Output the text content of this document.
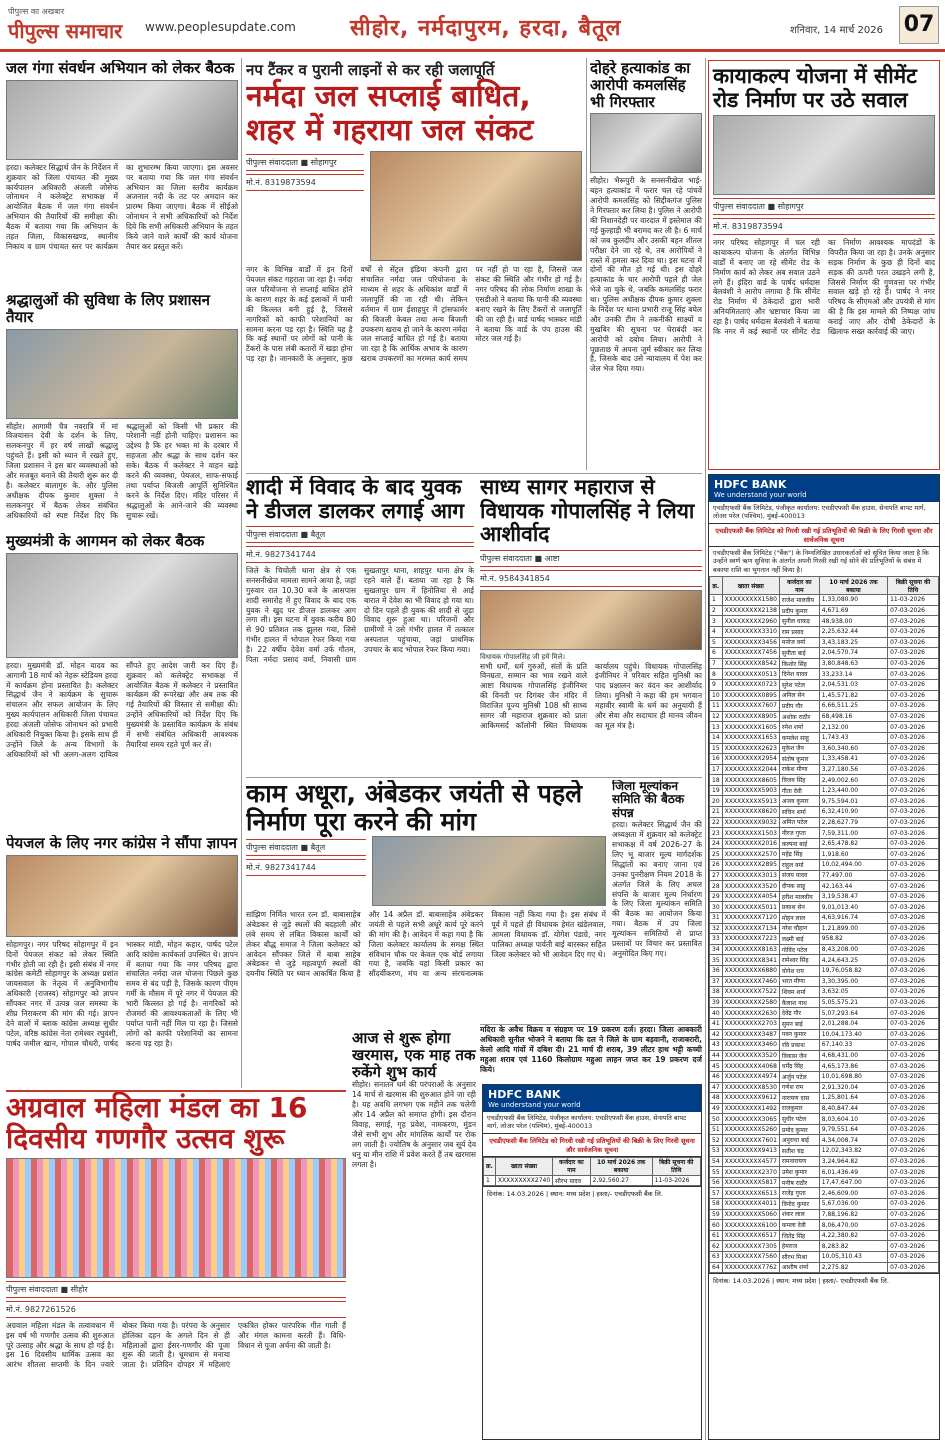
पीपुल्स का अखबार
पीपुल्स समाचार www.peoplesupdate.com सीहोर, नर्मदापुरम, हरदा, बैतूल	शनिवार, 14 मार्च 2026 07
जल गंगा संवर्धन अभियान को लेकर बैठक
हरदा। कलेक्टर सिद्धार्थ जैन के निर्देशन में शुक्रवार को जिला पंचायत की मुख्य कार्यपालन अधिकारी अंजली जोसेफ जोनाथन ने कलेक्ट्रेट सभाकक्ष में आयोजित बैठक में जल गंगा संवर्धन अभियान की तैयारियों की समीक्षा की। बैठक में बताया गया कि अभियान के तहत जिला, विकासखण्ड, स्थानीय निकाय व ग्राम पंचायत स्तर पर कार्यक्रम का शुभारम्भ किया जाएगा। इस अवसर पर बताया गया कि जल गंगा संवर्धन अभियान का जिला स्तरीय कार्यक्रम अजनाल नदी के तट पर अमदान कर प्रारम्भ किया जाएगा। बैठक में सीईओ जोनाथन ने सभी अधिकारियों को निर्देश दिये कि सभी अधिकारी अभियान के तहत किये जाने वाले कार्यों की कार्य योजना तैयार कर प्रस्तुत करें।
श्रद्धालुओं की सुविधा के लिए प्रशासन तैयार
सीहोर। आगामी चैत्र नवरात्रि में मां विजयासन देवी के दर्शन के लिए, सलकनपुर में हर वर्ष लाखों श्रद्धालु पहुंचते हैं। इसी को ध्यान में रखते हुए, जिला प्रशासन ने इस बार व्यवस्थाओं को और मजबूत बनाने की तैयारी शुरू कर दी है। कलेक्टर बालागुरु के. और पुलिस अधीक्षक दीपक कुमार शुक्ला ने सलकनपुर में बैठक लेकर संबंधित अधिकारियों को स्पष्ट निर्देश दिए कि श्रद्धालुओं को किसी भी प्रकार की परेशानी नहीं होनी चाहिए। प्रशासन का उद्देश्य है कि हर भक्त मां के दरबार में सहजता और श्रद्धा के साथ दर्शन कर सके। बैठक में कलेक्टर ने वाहन खड़े करने की व्यवस्था, पेयजल, साफ-सफाई तथा पर्याप्त बिजली आपूर्ति सुनिश्चित करने के निर्देश दिए। मंदिर परिसर में श्रद्धालुओं के आने-जाने की व्यवस्था सुचारू रखें।
मुख्यमंत्री के आगमन को लेकर बैठक
हरदा। मुख्यमंत्री डॉ. मोहन यादव का आगामी 18 मार्च को नेहरू स्टेडियम हरदा में कार्यक्रम होना प्रस्तावित है। कलेक्टर सिद्धार्थ जैन ने कार्यक्रम के सुचारू संचालन और सफल आयोजन के लिए मुख्य कार्यपालन अधिकारी जिला पंचायत हरदा अंजली जोसेफ जोनाथन को प्रभारी अधिकारी नियुक्त किया है। इसके साथ ही उन्होंने जिले के अन्य विभागों के अधिकारियों को भी अलग-अलग दायित्व सौंपते हुए आदेश जारी कर दिए हैं। शुक्रवार को कलेक्ट्रेट सभाकक्ष में आयोजित बैठक में कलेक्टर ने प्रस्तावित कार्यक्रम की रूपरेखा और अब तक की गई तैयारियों की विस्तार से समीक्षा की। उन्होंने अधिकारियों को निर्देश दिए कि मुख्यमंत्री के प्रस्तावित कार्यक्रम के संबंध में सभी संबंधित अधिकारी आवश्यक तैयारियां समय रहते पूर्ण कर लें।
पेयजल के लिए नगर कांग्रेस ने सौंपा ज्ञापन
सोहागपुर। नगर परिषद सोहागपुर में इन दिनों पेयजल संकट को लेकर स्थिति गंभीर होती जा रही है। इसी संबंध में नगर कांग्रेस कमेटी सोहागपुर के अध्यक्ष प्रशांत जायसवाल के नेतृत्व में अनुविभागीय अधिकारी (राजस्व) सोहागपुर को ज्ञापन सौंपकर नगर में उत्पन्न जल समस्या के शीघ्र निराकरण की मांग की गई। ज्ञापन देने वालों में ब्लाक कांग्रेस अध्यक्ष सुधीर पटेल, वरिष्ठ कांग्रेस नेता रामेश्वर रघुवंशी, पार्षद जमील खान, गोपाल चौधरी, पार्षद भास्कर मांडी, मोहन कहार, पार्षद पटेल आदि कांग्रेस कार्यकर्ता उपस्थित थे। ज्ञापन में बताया गया कि नगर परिषद द्वारा संचालित नर्मदा जल योजना पिछले कुछ समय से बंद पड़ी है, जिसके कारण पीएम गर्मी के मौसम में पूरे नगर में पेयजल की भारी किल्लत हो गई है। नागरिकों को रोजमर्रा की आवश्यकताओं के लिए भी पर्याप्त पानी नहीं मिल पा रहा है। जिससे लोगों को काफी परेशानियों का सामना करना पड़ रहा है।
नप टैंकर व पुरानी लाइनों से कर रही जलापूर्ति
नर्मदा जल सप्लाई बाधित, शहर में गहराया जल संकट
पीपुल्स संवाददाता ■ सोहागपुर
मो.नं. 8319873594
नगर के विभिन्न वार्डों में इन दिनों पेयजल संकट गहराता जा रहा है। नर्मदा जल परियोजना से सप्लाई बाधित होने के कारण शहर के कई इलाकों में पानी की किल्लत बनी हुई है, जिससे नागरिकों को काफी परेशानियों का सामना करना पड़ रहा है। स्थिति यह है कि कई स्थानों पर लोगों को पानी के टैंकरों के पास लंबी कतारों में खड़ा होना पड़ रहा है। जानकारी के अनुसार, कुछ वर्षों से सेंट्रल इंडिया कंपनी द्वारा संचालित नर्मदा जल परियोजना के माध्यम से शहर के अधिकांश वार्डों में जलापूर्ति की जा रही थी। लेकिन वर्तमान में ग्राम ईशाहपुर में ट्रांसफार्मर की बिजली केबल तथा अन्य बिजली उपकरण खराब हो जाने के कारण नर्मदा जल सप्लाई बाधित हो गई है। बताया जा रहा है कि आर्थिक अभाव के कारण खराब उपकरणों का मरम्मत कार्य समय पर नहीं हो पा रहा है, जिससे जल संकट की स्थिति और गंभीर हो गई है। नगर परिषद की लोक निर्माण शाखा के एसडीओ ने बताया कि पानी की व्यवस्था बनाए रखने के लिए टैंकरों से जलापूर्ति की जा रही है। वार्ड पार्षद भास्कर मांडी ने बताया कि वार्ड के पंप हाउस की मोटर जल गई है।
दोहरे हत्याकांड का आरोपी कमलसिंह भी गिरफ्तार
सीहोर। भैरूपुरी के सनसनीखेज भाई-बहन हत्याकांड में फरार चल रहे पांचवें आरोपी कमलसिंह को सिद्दीकगंज पुलिस ने गिरफ्तार कर लिया है। पुलिस ने आरोपी की निशानदेही पर वारदात में इस्तेमाल की गई कुल्हाड़ी भी बरामद कर ली है। 6 मार्च को जब कुलदीप और उसकी बहन शीतल परीक्षा देने जा रहे थे, तब आरोपियों ने रास्ते में हमला कर दिया था। इस घटना में दोनों की मौत हो गई थी। इस दोहरे हत्याकांड के चार आरोपी पहले ही जेल भेजे जा चुके थे, जबकि कमलसिंह फरार था। पुलिस अधीक्षक दीपक कुमार शुक्ला के निर्देश पर थाना प्रभारी राजू सिंह बघेल और उनकी टीम ने तकनीकी साक्ष्यों व मुखबिर की सूचना पर घेराबंदी कर आरोपी को दबोच लिया। आरोपी ने पूछताछ में अपना जुर्म स्वीकार कर लिया है, जिसके बाद उसे न्यायालय में पेश कर जेल भेज दिया गया।
कायाकल्प योजना में सीमेंट रोड निर्माण पर उठे सवाल
पीपुल्स संवाददाता ■ सोहागपुर
मो.नं. 8319873594
नगर परिषद सोहागपुर में चल रही कायाकल्प योजना के अंतर्गत विभिन्न वार्डों में बनाए जा रहे सीमेंट रोड के निर्माण कार्य को लेकर अब सवाल उठने लगे हैं। इंदिरा वार्ड के पार्षद धर्मदास बेलवंशी ने आरोप लगाया है कि सीमेंट रोड निर्माण में ठेकेदारों द्वारा भारी अनियमितताएं और भ्रष्टाचार किया जा रहा है। पार्षद धर्मदास बेलवंशी ने बताया कि नगर में कई स्थानों पर सीमेंट रोड का निर्माण आवश्यक मापदंडों के विपरीत किया जा रहा है। उनके अनुसार सड़क निर्माण के कुछ ही दिनों बाद सड़क की ऊपरी परत उखड़ने लगी है, जिससे निर्माण की गुणवत्ता पर गंभीर सवाल खड़े हो रहे हैं। पार्षद ने नगर परिषद के सीएमओ और उपयंत्री से मांग की है कि इस मामले की निष्पक्ष जांच कराई जाए और दोषी ठेकेदारों के खिलाफ सख्त कार्रवाई की जाए।
शादी में विवाद के बाद युवक ने डीजल डालकर लगाई आग
पीपुल्स संवाददाता ■ बैतूल
मो.नं. 9827341744
जिले के चिचोली थाना क्षेत्र से एक सनसनीखेज मामला सामने आया है, जहां गुरुवार रात 10.30 बजे के आसपास शादी समारोह में हुए विवाद के बाद एक युवक ने खुद पर डीजल डालकर आग लगा ली। इस घटना में युवक करीब 80 से 90 प्रतिशत तक झुलस गया, जिसे गंभीर हालत में भोपाल रेफर किया गया है। 22 वर्षीय देवेश वर्मा उर्फ गौतम, पिता नर्मदा प्रसाद वर्मा, निवासी ग्राम सुखतापुर थाना, शाहपुर थाना क्षेत्र के रहने वाले हैं। बताया जा रहा है कि सुखतापुर ग्राम में हिनोतिया से आई बारात में देवेश का भी विवाद हो गया था। दो दिन पहले ही युवक की शादी से जुड़ा विवाद शुरू हुआ था। परिजनों और ग्रामीणों ने उसे गंभीर हालत में तत्काल अस्पताल पहुंचाया, जहां प्राथमिक उपचार के बाद भोपाल रेफर किया गया।
साध्य सागर महाराज से विधायक गोपालसिंह ने लिया आशीर्वाद
पीपुल्स संवाददाता ■ आष्टा
मो.नं. 9584341854
विधायक गोपालसिंह जी हमें मिले।
सभी धर्मों, धर्म गुरुओं, संतों के प्रति विनम्रता, सम्मान का भाव रखने वाले आष्टा विधायक गोपालसिंह इंजीनियर की विनती पर दिगंबर जैन मंदिर में विराजित पूज्य मुनिश्री 108 श्री साध्य सागर जी महाराज शुक्रवार को प्रातः आकिमसर्द कॉलोनी स्थित विधायक कार्यालय पहुंचे। विधायक गोपालसिंह इंजीनियर ने परिवार सहित मुनिश्री का पाद प्रक्षालन कर वंदन कर आशीर्वाद लिया। मुनिश्री ने कहा की हम भगवान महावीर स्वामी के धर्म का अनुयायी हैं और सेवा और सदाचार ही मानव जीवन का मूल मंत्र है।
काम अधूरा, अंबेडकर जयंती से पहले निर्माण पूरा करने की मांग
पीपुल्स संवाददाता ■ बैतूल
मो.नं. 9827341744
सांझिण निर्मित भारत रत्न डॉ. बाबासाहेब अंबेडकर से जुड़े स्थलों की बदहाली और लंबे समय से लंबित विकास कार्यों को लेकर बौद्ध समाज ने जिला कलेक्टर को आवेदन सौंपकर जिले में बाबा साहेब अंबेडकर से जुड़े महत्वपूर्ण स्थलों की दयनीय स्थिति पर ध्यान आकर्षित किया है और 14 अप्रैल डॉ. बाबासाहेब अंबेडकर जयंती से पहले सभी अधूरे कार्य पूरे करने की मांग की है। आवेदन में कहा गया है कि जिला कलेक्टर कार्यालय के समक्ष स्थित संविधान चौक पर केवल एक बोर्ड लगाया गया है, जबकि यहां किसी प्रकार का सौंदर्यीकरण, मंच या अन्य संरचनात्मक विकास नहीं किया गया है। इस संबंध में पूर्व में पहले ही विधायक हेमंत खंडेलवाल, आमला विधायक डॉ. योगेश पंडाग्रे, नगर पालिका अध्यक्ष पार्वती बाई बारस्कर सहित जिला कलेक्टर को भी आवेदन दिए गए थे।
जिला मूल्यांकन समिति की बैठक संपन्न
हरदा। कलेक्टर सिद्धार्थ जैन की अध्यक्षता में शुक्रवार को कलेक्ट्रेट सभाकक्ष में वर्ष 2026-27 के लिए भू बाजार मूल्य मार्गदर्शक सिद्धांतों का बनाए जाना एवं उनका पुनरीक्षण नियम 2018 के अंतर्गत जिले के लिए अचल संपत्ति के बाजार मूल्य निर्धारण के लिए जिला मूल्यांकन समिति की बैठक का आयोजन किया गया। बैठक में उप जिला मूल्यांकन समितियों से प्राप्त प्रस्तावों पर विचार कर प्रस्तावित अनुमोदित किए गए।
मदिरा के अवैध विक्रय व संग्रहण पर 19 प्रकरण दर्ज। हरदा। जिला आबकारी अधिकारी सुनील भोजने ने बताया कि दल ने जिले के ग्राम बड़वानी, राजाबरारी, केलो आदि गांवों में दबिश दी। 21 मार्च दी शराब, 39 लीटर हाथ भट्टी कच्ची महुआ शराब एवं 1160 किलोग्राम महुआ लाहन जप्त कर 19 प्रकरण दर्ज किये।
अग्रवाल महिला मंडल का 16 दिवसीय गणगौर उत्सव शुरू
पीपुल्स संवाददाता ■ सीहोर
मो.नं. 9827261526
अग्रवाल महिला मंडल के तत्वावधान में इस वर्ष भी गणगौर उत्सव की शुरुआत पूरे उत्साह और श्रद्धा के साथ हो गई है। इस 16 दिवसीय धार्मिक उत्सव का आरंभ शीतला सप्तमी के दिन ज्वारे बोकर किया गया है। परंपरा के अनुसार होलिका दहन के अगले दिन से ही महिलाओं द्वारा ईसर-गणगौर की पूजा शुरू की जाती है। धूमधाम से मनाया जाता है। प्रतिदिन दोपहर में महिलाएं एकत्रित होकर पारंपरिक गीत गाती हैं और मंगल कामना करती हैं। विधि-विधान से पूजा अर्चना की जाती है।
आज से शुरू होगा खरमास, एक माह तक रुकेंगे शुभ कार्य
सीहोर। सनातन धर्म की परंपराओं के अनुसार 14 मार्च से खरमास की शुरुआत होने जा रही है। यह अवधि लगभग एक महीने तक चलेगी और 14 अप्रैल को समाप्त होगी। इस दौरान विवाह, सगाई, गृह प्रवेश, नामकरण, मुंडन जैसे सभी शुभ और मांगलिक कार्यों पर रोक लग जाती है। ज्योतिष के अनुसार जब सूर्य देव धनु या मीन राशि में प्रवेश करते हैं तब खरमास लगता है।
HDFC BANK
We understand your world
एचडीएफसी बैंक लिमिटेड, पंजीकृत कार्यालय: एचडीएफसी बैंक हाउस, सेनापति बापट मार्ग, लोअर परेल (पश्चिम), मुंबई-400013
एचडीएफसी बैंक लिमिटेड को गिरवी रखी गई प्रतिभूतियों की बिक्री के लिए गिरवी सूचना और सार्वजनिक सूचना
क्र.	खाता संख्या	कर्जदार का नाम	10 मार्च 2026 तक बकाया	बिक्री सूचना की तिथि
1	XXXXXXXXX2740	सौरभ यादव	2,92,560.27	11-03-2026
दिनांक: 14.03.2026 | स्थान: मध्य प्रदेश | हस्ता/- एचडीएफसी बैंक लि.
HDFC BANK
We understand your world
एचडीएफसी बैंक लिमिटेड, पंजीकृत कार्यालय: एचडीएफसी बैंक हाउस, सेनापति बापट मार्ग, लोअर परेल (पश्चिम), मुंबई-400013
एचडीएफसी बैंक लिमिटेड को गिरवी रखी गई प्रतिभूतियों की बिक्री के लिए गिरवी सूचना और सार्वजनिक सूचना
एचडीएफसी बैंक लिमिटेड ("बैंक") के निम्नलिखित उधारकर्ताओं को सूचित किया जाता है कि उन्होंने स्वर्ण ऋण सुविधा के अंतर्गत अपनी गिरवी रखी गई सोने की प्रतिभूतियों के संबंध में बकाया राशि का भुगतान नहीं किया है।
क्र.	खाता संख्या	कर्जदार का नाम	10 मार्च 2026 तक बकाया	बिक्री सूचना की तिथि
1	XXXXXXXXX1580	राजेश मालवीय	1,33,080.90	11-03-2026
2	XXXXXXXXX2138	प्रदीप कुमार	4,671.69	07-03-2026
3	XXXXXXXXX2960	सुनील धाकड़	48,938.00	07-03-2026
4	XXXXXXXXX3310	राम प्रसाद	2,25,632.44	07-03-2026
5	XXXXXXXXX3456	मनोज वर्मा	3,43,183.25	07-03-2026
6	XXXXXXXXX7456	सुनीता बाई	2,04,570.74	07-03-2026
7	XXXXXXXXX8542	किशोर सिंह	3,80,848.63	07-03-2026
8	XXXXXXXXX0513	दिनेश यादव	33,233.14	07-03-2026
9	XXXXXXXXX0723	सुरेश पटेल	2,04,531.03	07-03-2026
10	XXXXXXXXX0895	अनिल सेन	1,45,571.82	07-03-2026
11	XXXXXXXXX7607	प्रदीप गौर	6,66,511.25	07-03-2026
12	XXXXXXXXX8905	अशोक राठौर	68,498.16	07-03-2026
13	XXXXXXXXX1605	रमेश शर्मा	2,132.00	07-03-2026
14	XXXXXXXXX1653	कमलेश साहू	1,743.43	07-03-2026
15	XXXXXXXXX2623	मुकेश जैन	3,60,340.60	07-03-2026
16	XXXXXXXXX2954	संतोष कुमार	1,33,458.41	07-03-2026
17	XXXXXXXXX2044	राकेश मीणा	3,27,180.56	07-03-2026
18	XXXXXXXXX8605	विजय सिंह	2,49,002.60	07-03-2026
19	XXXXXXXXX5903	गीता देवी	1,23,440.00	07-03-2026
20	XXXXXXXXX5913	अजय कुमार	9,75,594.01	07-03-2026
21	XXXXXXXXX8620	सचिन शर्मा	6,32,410.90	07-03-2026
22	XXXXXXXXX9032	अमित पटेल	2,28,627.79	07-03-2026
23	XXXXXXXXX1503	नीरज गुप्ता	7,59,311.00	07-03-2026
24	XXXXXXXXX2016	कल्पना बाई	2,65,478.82	07-03-2026
25	XXXXXXXXX2570	महेंद्र सिंह	1,918.60	07-03-2026
26	XXXXXXXXX2895	राहुल वर्मा	10,02,494.00	07-03-2026
27	XXXXXXXXX3013	संजय यादव	77,497.00	07-03-2026
28	XXXXXXXXX3520	दीपक साहू	42,163.44	07-03-2026
29	XXXXXXXXX4054	हरीश मालवीय	3,19,538.47	07-03-2026
30	XXXXXXXXX5011	प्रकाश सेन	9,01,013.40	07-03-2026
31	XXXXXXXXX7120	मोहन लाल	4,63,916.74	07-03-2026
32	XXXXXXXXX7134	नरेश चौहान	1,21,899.00	07-03-2026
33	XXXXXXXXX7223	लक्ष्मी बाई	958.82	07-03-2026
34	XXXXXXXXX8163	गोविंद पटेल	8,43,208.00	07-03-2026
35	XXXXXXXXX8341	रामेश्वर सिंह	4,24,643.25	07-03-2026
36	XXXXXXXXX6880	योगेश राय	19,76,058.82	07-03-2026
37	XXXXXXXXX7460	भरत मीणा	3,30,395.00	07-03-2026
38	XXXXXXXXX7522	शिवम शर्मा	3,632.05	07-03-2026
39	XXXXXXXXX2580	कैलाश नाथ	5,05,575.21	07-03-2026
40	XXXXXXXXX2630	देवेंद्र गौर	5,07,293.64	07-03-2026
41	XXXXXXXXX2703	सुमन बाई	2,01,288.04	07-03-2026
42	XXXXXXXXX3487	पवन कुमार	10,04,173.40	07-03-2026
43	XXXXXXXXX3460	रवि प्रकाश	67,140.33	07-03-2026
44	XXXXXXXXX3520	विकास जैन	4,68,431.00	07-03-2026
45	XXXXXXXXX4068	धर्मेंद्र सिंह	4,65,173.86	07-03-2026
46	XXXXXXXXX4974	अर्जुन पटेल	10,01,698.80	07-03-2026
47	XXXXXXXXX8530	गणेश राम	2,91,320.04	07-03-2026
48	XXXXXXXXX9612	नारायण दास	1,25,801.64	07-03-2026
49	XXXXXXXXX1492	राजकुमार	8,40,847.44	07-03-2026
50	XXXXXXXXX3065	सुधीर पटेल	8,03,604.10	07-03-2026
51	XXXXXXXXX5260	प्रमोद कुमार	9,79,551.64	07-03-2026
52	XXXXXXXXX7601	अनुराधा बाई	4,34,008.74	07-03-2026
53	XXXXXXXXX9413	सतीश चंद्र	12,02,343.82	07-03-2026
54	XXXXXXXXX4577	रामनारायण	3,24,964.82	07-03-2026
55	XXXXXXXXX2370	उमेश कुमार	6,01,436.49	07-03-2026
56	XXXXXXXXX5817	मनीष राठौर	17,47,647.00	07-03-2026
57	XXXXXXXXX6513	राजेंद्र गुप्ता	2,46,609.00	07-03-2026
58	XXXXXXXXX4011	विनोद कुमार	5,67,036.00	07-03-2026
59	XXXXXXXXX5060	शंकर लाल	7,88,196.82	07-03-2026
60	XXXXXXXXX6100	कमला देवी	8,06,470.00	07-03-2026
61	XXXXXXXXX6517	जितेंद्र सिंह	4,22,380.82	07-03-2026
62	XXXXXXXXX7305	हेमराज	8,283.82	07-03-2026
63	XXXXXXXXX7560	सौरभ मिश्रा	10,05,310.43	07-03-2026
64	XXXXXXXXX7762	आशीष शर्मा	2,275.82	07-03-2026
दिनांक: 14.03.2026 | स्थान: मध्य प्रदेश | हस्ता/- एचडीएफसी बैंक लि.
